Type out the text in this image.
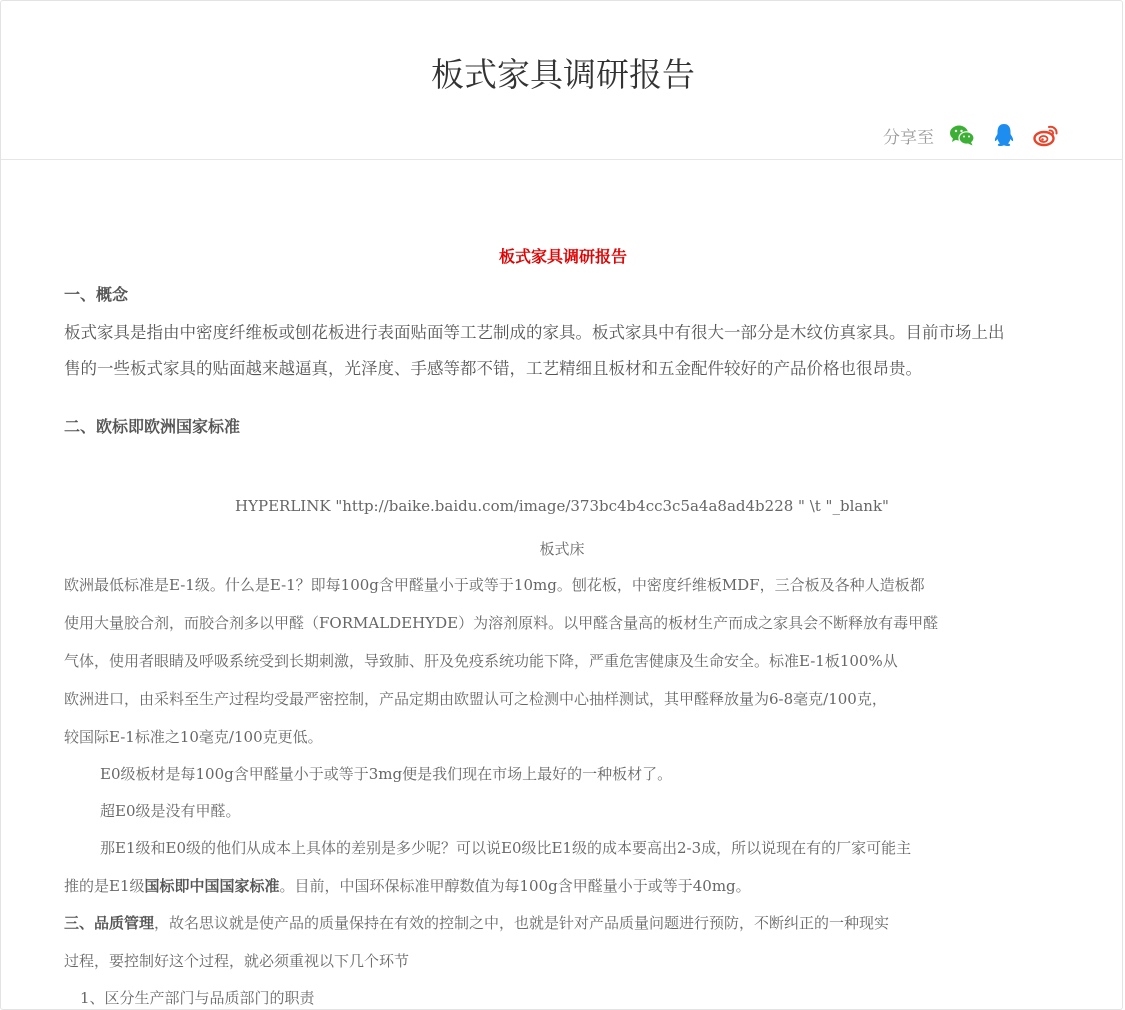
板式家具调研报告
分享至
板式家具调研报告
一、概念
板式家具是指由中密度纤维板或刨花板进行表面贴面等工艺制成的家具。板式家具中有很大一部分是木纹仿真家具。目前市场上出
售的一些板式家具的贴面越来越逼真，光泽度、手感等都不错，工艺精细且板材和五金配件较好的产品价格也很昂贵。
二、欧标即欧洲国家标准
HYPERLINK "http://baike.baidu.com/image/373bc4b4cc3c5a4a8ad4b228 " \t "_blank"
板式床
欧洲最低标准是E-1级。什么是E-1？即每100g含甲醛量小于或等于10mg。刨花板，中密度纤维板MDF，三合板及各种人造板都
使用大量胶合剂，而胶合剂多以甲醛（FORMALDEHYDE）为溶剂原料。以甲醛含量高的板材生产而成之家具会不断释放有毒甲醛
气体，使用者眼睛及呼吸系统受到长期刺激，导致肺、肝及免疫系统功能下降，严重危害健康及生命安全。标准E-1板100%从
欧洲进口，由采料至生产过程均受最严密控制，产品定期由欧盟认可之检测中心抽样测试，其甲醛释放量为6-8毫克/100克，
较国际E-1标准之10毫克/100克更低。
E0级板材是每100g含甲醛量小于或等于3mg便是我们现在市场上最好的一种板材了。
超E0级是没有甲醛。
那E1级和E0级的他们从成本上具体的差别是多少呢？可以说E0级比E1级的成本要高出2-3成，所以说现在有的厂家可能主
推的是E1级国标即中国国家标准。目前，中国环保标准甲醇数值为每100g含甲醛量小于或等于40mg。
三、品质管理，故名思议就是使产品的质量保持在有效的控制之中，也就是针对产品质量问题进行预防，不断纠正的一种现实
过程，要控制好这个过程，就必须重视以下几个环节
1、区分生产部门与品质部门的职责
